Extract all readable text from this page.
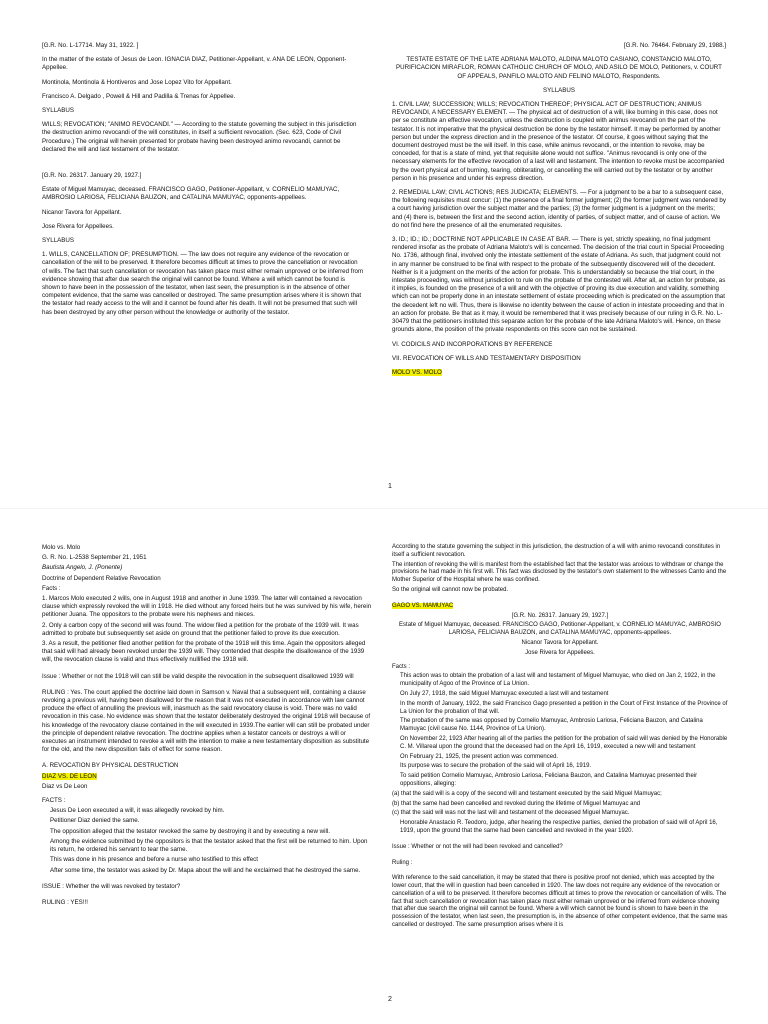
[G.R. No. L-17714. May 31, 1922. ]

In the matter of the estate of Jesus de Leon. IGNACIA DIAZ, Petitioner-Appellant, v. ANA DE LEON, Opponent-Appellee.

Montinola, Montinola & Hontiveros and Jose Lopez Vito for Appellant.

Francisco A. Delgado , Powell & Hill and Padilla & Trenas for Appellee.

SYLLABUS

WILLS; REVOCATION; "ANIMO REVOCANDI." — According to the statute governing the subject in this jurisdiction the destruction animo revocandi of the will constitutes, in itself a sufficient revocation. (Sec. 623, Code of Civil Procedure.) The original will herein presented for probate having been destroyed animo revocandi, cannot be declared the will and last testament of the testator.

[G.R. No. 26317. January 29, 1927.]

Estate of Miguel Mamuyac, deceased. FRANCISCO GAGO, Petitioner-Appellant, v. CORNELIO MAMUYAC, AMBROSIO LARIOSA, FELICIANA BAUZON, and CATALINA MAMUYAC, opponents-appellees.

Nicanor Tavora for Appellant.

Jose Rivera for Appellees.

SYLLABUS

1. WILLS, CANCELLATION OF; PRESUMPTION. — The law does not require any evidence of the revocation or cancellation of the will to be preserved. It therefore becomes difficult at times to prove the cancellation or revocation of wills. The fact that such cancellation or revocation has taken place must either remain unproved or be inferred from evidence showing that after due search the original will cannot be found. Where a will which cannot be found is shown to have been in the possession of the testator, when last seen, the presumption is in the absence of other competent evidence, that the same was cancelled or destroyed. The same presumption arises where it is shown that the testator had ready access to the will and it cannot be found after his death. It will not be presumed that such will has been destroyed by any other person without the knowledge or authority of the testator.

[G.R. No. 76464. February 29, 1988.]

TESTATE ESTATE OF THE LATE ADRIANA MALOTO, ALDINA MALOTO CASIANO, CONSTANCIO MALOTO, PURIFICACION MIRAFLOR, ROMAN CATHOLIC CHURCH OF MOLO, AND ASILO DE MOLO, Petitioners, v. COURT OF APPEALS, PANFILO MALOTO AND FELINO MALOTO, Respondents.

SYLLABUS

1. CIVIL LAW; SUCCESSION; WILLS; REVOCATION THEREOF; PHYSICAL ACT OF DESTRUCTION; ANIMUS REVOCANDI, A NECESSARY ELEMENT. — The physical act of destruction of a will, like burning in this case, does not per se constitute an effective revocation, unless the destruction is coupled with animus revocandi on the part of the testator. It is not imperative that the physical destruction be done by the testator himself. It may be performed by another person but under the express direction and in the presence of the testator. Of course, it goes without saying that the document destroyed must be the will itself. In this case, while animus revocandi, or the intention to revoke, may be conceded, for that is a state of mind, yet that requisite alone would not suffice. "Animus revocandi is only one of the necessary elements for the effective revocation of a last will and testament. The intention to revoke must be accompanied by the overt physical act of burning, tearing, obliterating, or cancelling the will carried out by the testator or by another person in his presence and under his express direction.

2. REMEDIAL LAW; CIVIL ACTIONS; RES JUDICATA; ELEMENTS. — For a judgment to be a bar to a subsequent case, the following requisites must concur: (1) the presence of a final former judgment; (2) the former judgment was rendered by a court having jurisdiction over the subject matter and the parties; (3) the former judgment is a judgment on the merits; and (4) there is, between the first and the second action, identity of parties, of subject matter, and of cause of action. We do not find here the presence of all the enumerated requisites.

3. ID.; ID.; ID.; DOCTRINE NOT APPLICABLE IN CASE AT BAR. — There is yet, strictly speaking, no final judgment rendered insofar as the probate of Adriana Maloto's will is concerned. The decision of the trial court in Special Proceeding No. 1736, although final, involved only the intestate settlement of the estate of Adriana. As such, that judgment could not in any manner be construed to be final with respect to the probate of the subsequently discovered will of the decedent. Neither is it a judgment on the merits of the action for probate. This is understandably so because the trial court, in the intestate proceeding, was without jurisdiction to rule on the probate of the contested will. After all, an action for probate, as it implies, is founded on the presence of a will and with the objective of proving its due execution and validity, something which can not be properly done in an intestate settlement of estate proceeding which is predicated on the assumption that the decedent left no will. Thus, there is likewise no identity between the cause of action in intestate proceeding and that in an action for probate. Be that as it may, it would be remembered that it was precisely because of our ruling in G.R. No. L-30479 that the petitioners instituted this separate action for the probate of the late Adriana Maloto's will. Hence, on these grounds alone, the position of the private respondents on this score can not be sustained.

VI. CODICILS AND INCORPORATIONS BY REFERENCE

VII. REVOCATION OF WILLS AND TESTAMENTARY DISPOSITION

MOLO VS. MOLO

1

Molo vs. Molo

G. R. No. L-2538 September 21, 1951

Bautista Angelo, J. (Ponente)

Doctrine of Dependent Relative Revocation

Facts :

1. Marcos Molo executed 2 wills, one in August 1918 and another in June 1939. The latter will contained a revocation clause which expressly revoked the will in 1918. He died without any forced heirs but he was survived by his wife, herein petitioner Juana. The oppositors to the probate were his nephews and nieces.

2. Only a carbon copy of the second will was found. The widow filed a petition for the probate of the 1939 will. It was admitted to probate but subsequently set aside on ground that the petitioner failed to prove its due execution.

3. As a result, the petitioner filed another petition for the probate of the 1918 will this time. Again the oppositors alleged that said will had already been revoked under the 1939 will. They contended that despite the disallowance of the 1939 will, the revocation clause is valid and thus effectively nullified the 1918 will.

Issue : Whether or not the 1918 will can still be valid despite the revocation in the subsequent disallowed 1939 will

RULING : Yes. The court applied the doctrine laid down in Samson v. Naval that a subsequent will, containing a clause revoking a previous will, having been disallowed for the reason that it was not executed in accordance with law cannot produce the effect of annulling the previous will, inasmuch as the said revocatory clause is void. There was no valid revocation in this case. No evidence was shown that the testator deliberately destroyed the original 1918 will because of his knowledge of the revocatory clause contained in the will executed in 1939.The earlier will can still be probated under the principle of dependent relative revocation. The doctrine applies when a testator cancels or destroys a will or executes an instrument intended to revoke a will with the intention to make a new testamentary disposition as substitute for the old, and the new disposition fails of effect for some reason.

A. REVOCATION BY PHYSICAL DESTRUCTION

DIAZ VS. DE LEON

Diaz vs De Leon

FACTS :

Jesus De Leon executed a will, it was allegedly revoked by him.

Petitioner Diaz denied the same.

The opposition alleged that the testator revoked the same by destroying it and by executing a new will.

Among the evidence submitted by the oppositors is that the testator asked that the first will be returned to him. Upon its return, he ordered his servant to tear the same.

This was done in his presence and before a nurse who testified to this effect

After some time, the testator was asked by Dr. Mapa about the will and he exclaimed that he destroyed the same.

ISSUE : Whether the will was revoked by testator?

RULING : YES!!!

According to the statute governing the subject in this jurisdiction, the destruction of a will with animo revocandi constitutes in itself a sufficient revocation.

The intention of revoking the will is manifest from the established fact that the testator was anxious to withdraw or change the provisions he had made in his first will. This fact was disclosed by the testator's own statement to the witnesses Canto and the Mother Superior of the Hospital where he was confined.

So the original will cannot now be probated.

GAGO VS. MAMUYAC

[G.R. No. 26317. January 29, 1927.]

Estate of Miguel Mamuyac, deceased. FRANCISCO GAGO, Petitioner-Appellant, v. CORNELIO MAMUYAC, AMBROSIO LARIOSA, FELICIANA BAUZON, and CATALINA MAMUYAC, opponents-appellees.

Nicanor Tavora for Appellant.

Jose Rivera for Appellees.

Facts :

This action was to obtain the probation of a last will and testament of Miguel Mamuyac, who died on Jan 2, 1922, in the municipality of Agoo of the Province of La Union.

On July 27, 1918, the said Miguel Mamuyac executed a last will and testament

In the month of January, 1922, the said Francisco Gago presented a petition in the Court of First Instance of the Province of La Union for the probation of that will.

The probation of the same was opposed by Cornelio Mamuyac, Ambrosio Lariosa, Feliciana Bauzon, and Catalina Mamuyac (civil cause No. 1144, Province of La Union).

On November 22, 1923 After hearing all of the parties the petition for the probation of said will was denied by the Honorable C. M. Villareal upon the ground that the deceased had on the April 16, 1919, executed a new will and testament

On February 21, 1925, the present action was commenced.

Its purpose was to secure the probation of the said will of April 16, 1919.

To said petition Cornelio Mamuyac, Ambrosio Lariosa, Feliciana Bauzon, and Catalina Mamuyac presented their oppositions, alleging:

(a) that the said will is a copy of the second will and testament executed by the said Miguel Mamuyac;

(b) that the same had been cancelled and revoked during the lifetime of Miguel Mamuyac and

(c) that the said will was not the last will and testament of the deceased Miguel Mamuyac.

Honorable Anastacio R. Teodoro, judge, after hearing the respective parties, denied the probation of said will of April 16, 1919, upon the ground that the same had been cancelled and revoked in the year 1920.

Issue : Whether or not the will had been revoked and cancelled?

Ruling :

With reference to the said cancellation, it may be stated that there is positive proof not denied, which was accepted by the lower court, that the will in question had been cancelled in 1920. The law does not require any evidence of the revocation or cancellation of a will to be preserved. It therefore becomes difficult at times to prove the revocation or cancellation of wills. The fact that such cancellation or revocation has taken place must either remain unproved or be inferred from evidence showing that after due search the original will cannot be found. Where a will which cannot be found is shown to have been in the possession of the testator, when last seen, the presumption is, in the absence of other competent evidence, that the same was cancelled or destroyed. The same presumption arises where it is

2
